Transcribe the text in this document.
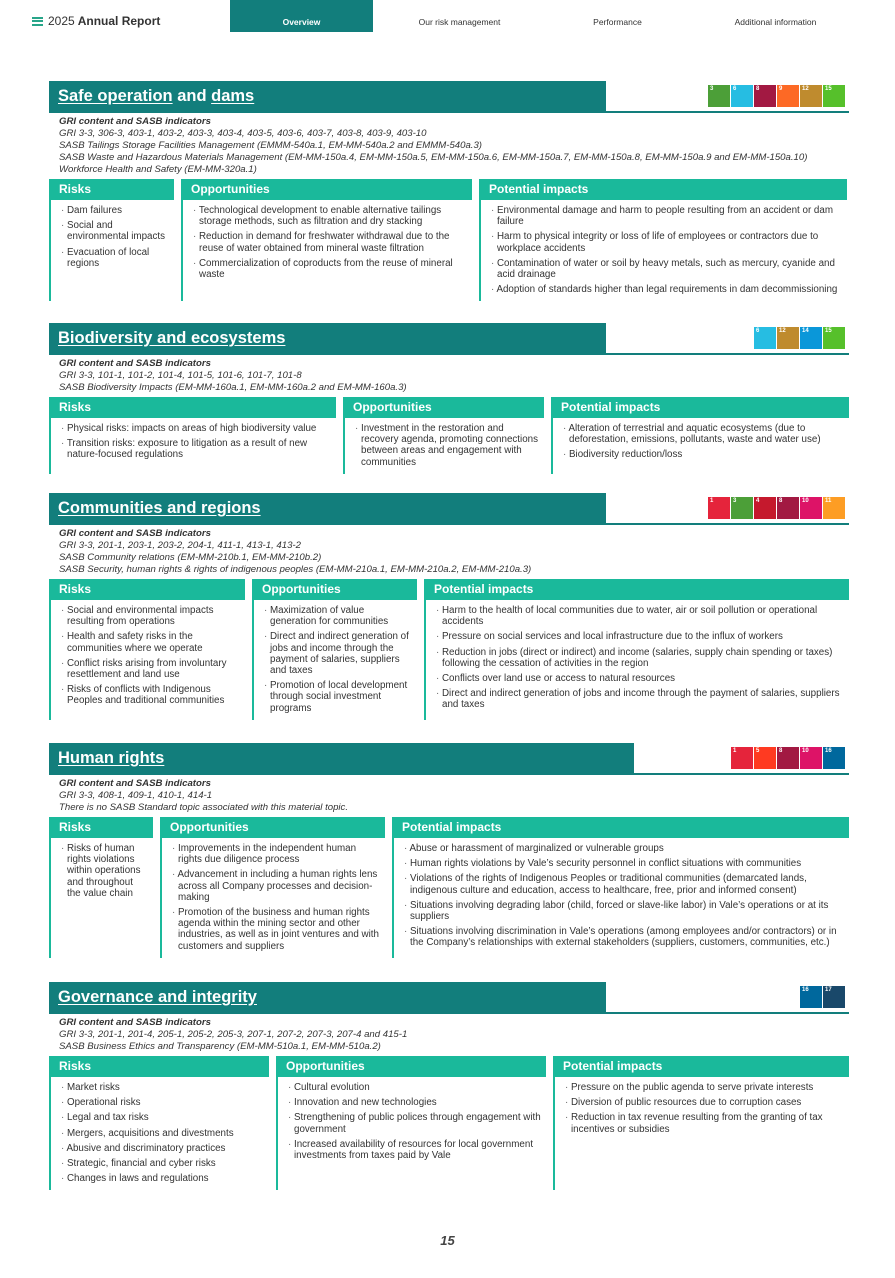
2025 Annual Report	Overview	Our risk management	Performance	Additional information
Safe operation and dams
3
6
8
9
12
15
GRI content and SASB indicators
GRI 3-3, 306-3, 403-1, 403-2, 403-3, 403-4, 403-5, 403-6, 403-7, 403-8, 403-9, 403-10
SASB Tailings Storage Facilities Management (EMMM-540a.1, EM-MM-540a.2 and EMMM-540a.3)
SASB Waste and Hazardous Materials Management (EM-MM-150a.4, EM-MM-150a.5, EM-MM-150a.6, EM-MM-150a.7, EM-MM-150a.8, EM-MM-150a.9 and EM-MM-150a.10)
Workforce Health and Safety (EM-MM-320a.1)
Risks
· Dam failures
· Social and environmental impacts
· Evacuation of local regions
Opportunities
· Technological development to enable alternative tailings storage methods, such as filtration and dry stacking
· Reduction in demand for freshwater withdrawal due to the reuse of water obtained from mineral waste filtration
· Commercialization of coproducts from the reuse of mineral waste
Potential impacts
· Environmental damage and harm to people resulting from an accident or dam failure
· Harm to physical integrity or loss of life of employees or contractors due to workplace accidents
· Contamination of water or soil by heavy metals, such as mercury, cyanide and acid drainage
· Adoption of standards higher than legal requirements in dam decommissioning
Biodiversity and ecosystems
6
12
14
15
GRI content and SASB indicators
GRI 3-3, 101-1, 101-2, 101-4, 101-5, 101-6, 101-7, 101-8
SASB Biodiversity Impacts (EM-MM-160a.1, EM-MM-160a.2 and EM-MM-160a.3)
Risks
· Physical risks: impacts on areas of high biodiversity value
· Transition risks: exposure to litigation as a result of new nature-focused regulations
Opportunities
· Investment in the restoration and recovery agenda, promoting connections between areas and engagement with communities
Potential impacts
· Alteration of terrestrial and aquatic ecosystems (due to deforestation, emissions, pollutants, waste and water use)
· Biodiversity reduction/loss
Communities and regions
1
3
4
8
10
11
GRI content and SASB indicators
GRI 3-3, 201-1, 203-1, 203-2, 204-1, 411-1, 413-1, 413-2
SASB Community relations (EM-MM-210b.1, EM-MM-210b.2)
SASB Security, human rights & rights of indigenous peoples (EM-MM-210a.1, EM-MM-210a.2, EM-MM-210a.3)
Risks
· Social and environmental impacts resulting from operations
· Health and safety risks in the communities where we operate
· Conflict risks arising from involuntary resettlement and land use
· Risks of conflicts with Indigenous Peoples and traditional communities
Opportunities
· Maximization of value generation for communities
· Direct and indirect generation of jobs and income through the payment of salaries, suppliers and taxes
· Promotion of local development through social investment programs
Potential impacts
· Harm to the health of local communities due to water, air or soil pollution or operational accidents
· Pressure on social services and local infrastructure due to the influx of workers
· Reduction in jobs (direct or indirect) and income (salaries, supply chain spending or taxes) following the cessation of activities in the region
· Conflicts over land use or access to natural resources
· Direct and indirect generation of jobs and income through the payment of salaries, suppliers and taxes
Human rights
1
5
8
10
16
GRI content and SASB indicators
GRI 3-3, 408-1, 409-1, 410-1, 414-1
There is no SASB Standard topic associated with this material topic.
Risks
· Risks of human rights violations within operations and throughout the value chain
Opportunities
· Improvements in the independent human rights due diligence process
· Advancement in including a human rights lens across all Company processes and decision-making
· Promotion of the business and human rights agenda within the mining sector and other industries, as well as in joint ventures and with customers and suppliers
Potential impacts
· Abuse or harassment of marginalized or vulnerable groups
· Human rights violations by Vale’s security personnel in conflict situations with communities
· Violations of the rights of Indigenous Peoples or traditional communities (demarcated lands, indigenous culture and education, access to healthcare, free, prior and informed consent)
· Situations involving degrading labor (child, forced or slave-like labor) in Vale’s operations or at its suppliers
· Situations involving discrimination in Vale’s operations (among employees and/or contractors) or in the Company’s relationships with external stakeholders (suppliers, customers, communities, etc.)
Governance and integrity
16
17
GRI content and SASB indicators
GRI 3-3, 201-1, 201-4, 205-1, 205-2, 205-3, 207-1, 207-2, 207-3, 207-4 and 415-1
SASB Business Ethics and Transparency (EM-MM-510a.1, EM-MM-510a.2)
Risks
· Market risks
· Operational risks
· Legal and tax risks
· Mergers, acquisitions and divestments
· Abusive and discriminatory practices
· Strategic, financial and cyber risks
· Changes in laws and regulations
Opportunities
· Cultural evolution
· Innovation and new technologies
· Strengthening of public polices through engagement with government
· Increased availability of resources for local government investments from taxes paid by Vale
Potential impacts
· Pressure on the public agenda to serve private interests
· Diversion of public resources due to corruption cases
· Reduction in tax revenue resulting from the granting of tax incentives or subsidies
15
